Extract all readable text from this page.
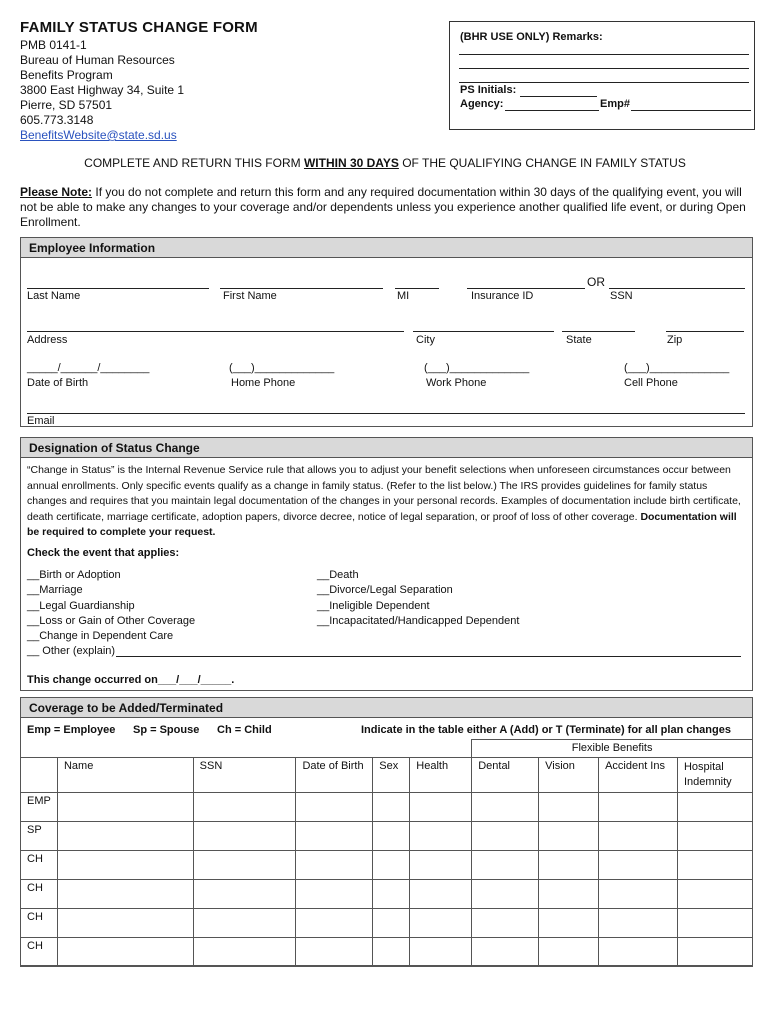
FAMILY STATUS CHANGE FORM
PMB 0141-1
Bureau of Human Resources
Benefits Program
3800 East Highway 34, Suite 1
Pierre, SD 57501
605.773.3148
BenefitsWebsite@state.sd.us
(BHR USE ONLY) Remarks:
PS Initials:
Agency:	Emp#
COMPLETE AND RETURN THIS FORM WITHIN 30 DAYS OF THE QUALIFYING CHANGE IN FAMILY STATUS
Please Note: If you do not complete and return this form and any required documentation within 30 days of the qualifying event, you will not be able to make any changes to your coverage and/or dependents unless you experience another qualified life event, or during Open Enrollment.
Employee Information
OR
Last Name	First Name	MI	Insurance ID	SSN
Address	City	State	Zip
_____/______/________	(___)_____________	(___)_____________	(___)_____________
Date of Birth	Home Phone	Work Phone	Cell Phone
Email
Designation of Status Change
“Change in Status” is the Internal Revenue Service rule that allows you to adjust your benefit selections when unforeseen circumstances occur between annual enrollments. Only specific events qualify as a change in family status. (Refer to the list below.) The IRS provides guidelines for family status changes and requires that you maintain legal documentation of the changes in your personal records. Examples of documentation include birth certificate, death certificate, marriage certificate, adoption papers, divorce decree, notice of legal separation, or proof of loss of other coverage. Documentation will be required to complete your request.
Check the event that applies:
__Birth or Adoption
__Marriage
__Legal Guardianship
__Loss or Gain of Other Coverage
__Change in Dependent Care
__ Other (explain)
__Death
__Divorce/Legal Separation
__Ineligible Dependent
__Incapacitated/Handicapped Dependent
This change occurred on___/___/_____.
Coverage to be Added/Terminated
Emp = Employee Sp = Spouse Ch = Child	Indicate in the table either A (Add) or T (Terminate) for all plan changes
						Flexible Benefits			
	Name	SSN	Date of Birth	Sex	Health	Dental	Vision	Accident Ins	Hospital Indemnity
EMP									
SP									
CH									
CH									
CH									
CH									
